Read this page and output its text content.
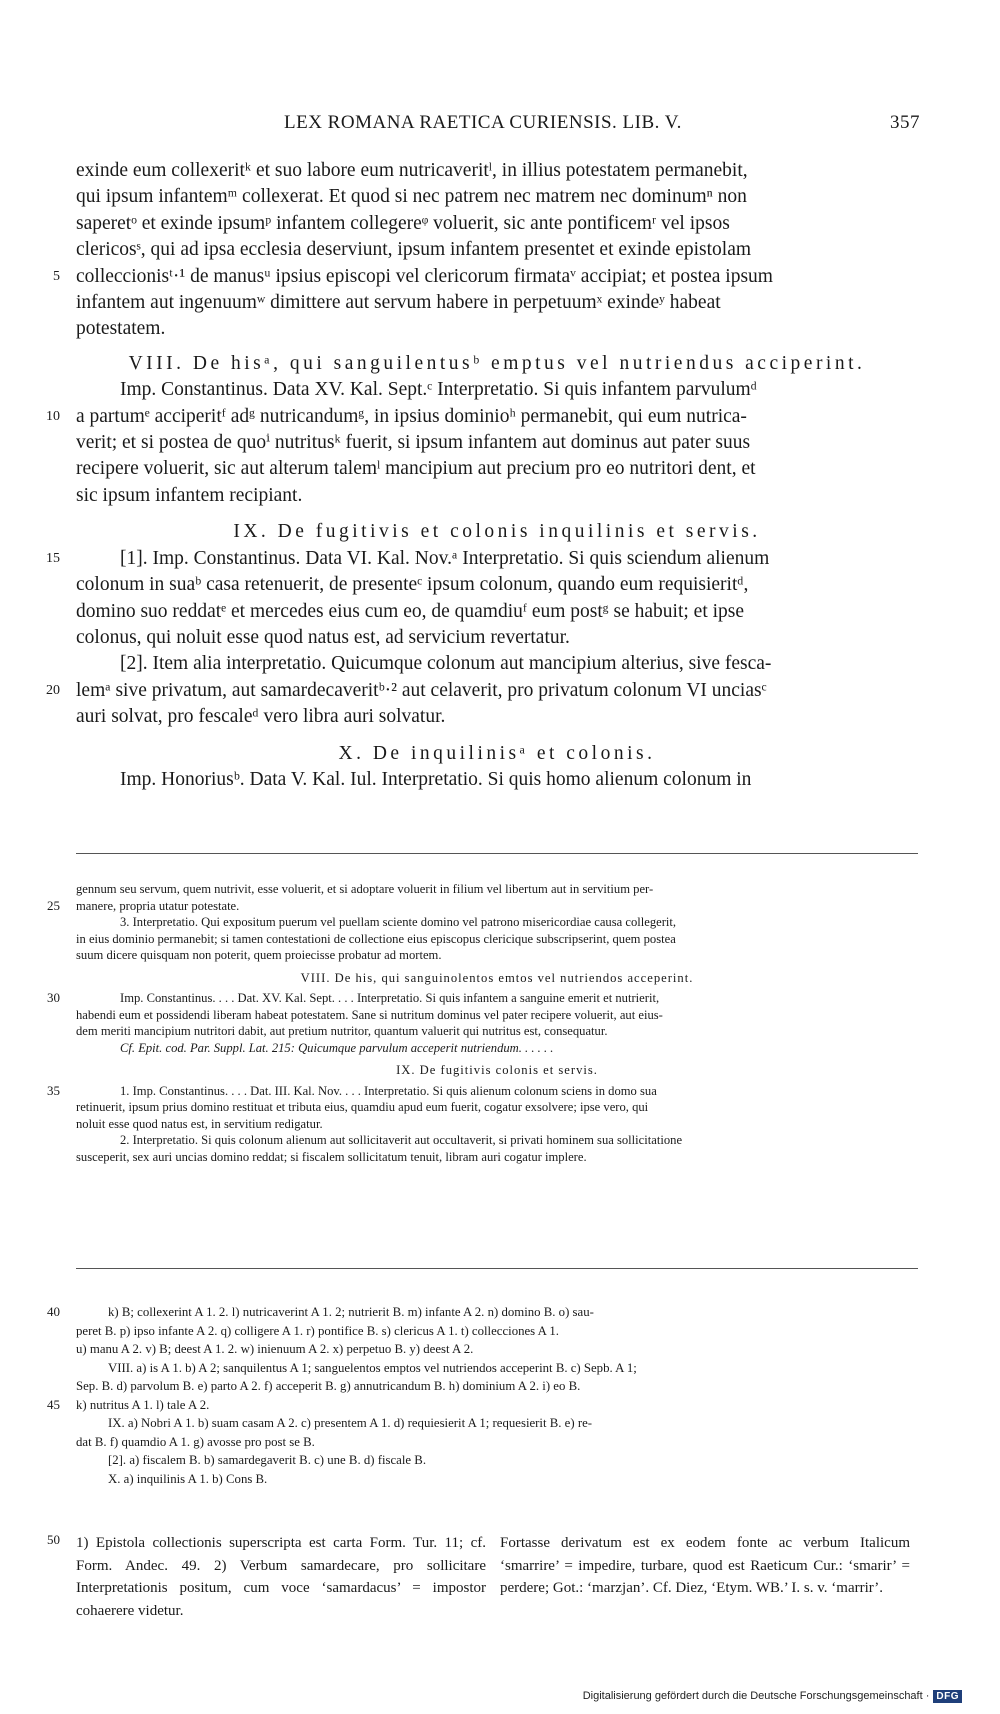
LEX ROMANA RAETICA CURIENSIS. LIB. V.	357

exinde eum collexeritᵏ et suo labore eum nutricaveritˡ, in illius potestatem permanebit,

qui ipsum infantemᵐ collexerat. Et quod si nec patrem nec matrem nec dominumⁿ non

saperetᵒ et exinde ipsumᵖ infantem collegereᵠ voluerit, sic ante pontificemʳ vel ipsos

clericosˢ, qui ad ipsa ecclesia deserviunt, ipsum infantem presentet et exinde epistolam

5 colleccionisᵗ·¹ de manusᵘ ipsius episcopi vel clericorum firmataᵛ accipiat; et postea ipsum

infantem aut ingenuumʷ dimittere aut servum habere in perpetuumˣ exindeʸ habeat

potestatem.

VIII. De hisᵃ, qui sanguilentusᵇ emptus vel nutriendus acciperint.

Imp. Constantinus. Data XV. Kal. Sept.ᶜ Interpretatio. Si quis infantem parvulumᵈ

10 a partumᵉ acciperitᶠ adᵍ nutricandumᵍ, in ipsius dominioʰ permanebit, qui eum nutrica-

verit; et si postea de quoⁱ nutritusᵏ fuerit, si ipsum infantem aut dominus aut pater suus

recipere voluerit, sic aut alterum talemˡ mancipium aut precium pro eo nutritori dent, et

sic ipsum infantem recipiant.

IX. De fugitivis et colonis inquilinis et servis.

15	[1]. Imp. Constantinus. Data VI. Kal. Nov.ᵃ Interpretatio. Si quis sciendum alienum

colonum in suaᵇ casa retenuerit, de presenteᶜ ipsum colonum, quando eum requisieritᵈ,

domino suo reddatᵉ et mercedes eius cum eo, de quamdiuᶠ eum postᵍ se habuit; et ipse

colonus, qui noluit esse quod natus est, ad servicium revertatur.

[2]. Item alia interpretatio. Quicumque colonum aut mancipium alterius, sive fesca-

20 lemᵃ sive privatum, aut samardecaveritᵇ·² aut celaverit, pro privatum colonum VI unciasᶜ

auri solvat, pro fescaleᵈ vero libra auri solvatur.

X. De inquilinisᵃ et colonis.

Imp. Honoriusᵇ. Data V. Kal. Iul. Interpretatio. Si quis homo alienum colonum in

gennum seu servum, quem nutrivit, esse voluerit, et si adoptare voluerit in filium vel libertum aut in servitium per-

25 manere, propria utatur potestate.

3. Interpretatio. Qui expositum puerum vel puellam sciente domino vel patrono misericordiae causa collegerit,

in eius dominio permanebit; si tamen contestationi de collectione eius episcopus clericique subscripserint, quem postea

suum dicere quisquam non poterit, quem proiecisse probatur ad mortem.

VIII. De his, qui sanguinolentos emtos vel nutriendos acceperint.

30	Imp. Constantinus. . . . Dat. XV. Kal. Sept. . . . Interpretatio. Si quis infantem a sanguine emerit et nutrierit,

habendi eum et possidendi liberam habeat potestatem. Sane si nutritum dominus vel pater recipere voluerit, aut eius-

dem meriti mancipium nutritori dabit, aut pretium nutritor, quantum valuerit qui nutritus est, consequatur.

Cf. Epit. cod. Par. Suppl. Lat. 215: Quicumque parvulum acceperit nutriendum. . . . . .

IX. De fugitivis colonis et servis.

35	1. Imp. Constantinus. . . . Dat. III. Kal. Nov. . . . Interpretatio. Si quis alienum colonum sciens in domo sua

retinuerit, ipsum prius domino restituat et tributa eius, quamdiu apud eum fuerit, cogatur exsolvere; ipse vero, qui

noluit esse quod natus est, in servitium redigatur.

2. Interpretatio. Si quis colonum alienum aut sollicitaverit aut occultaverit, si privati hominem sua sollicitatione

susceperit, sex auri uncias domino reddat; si fiscalem sollicitatum tenuit, libram auri cogatur implere.

40	k) B; collexerint A 1. 2. l) nutricaverint A 1. 2; nutrierit B. m) infante A 2. n) domino B. o) sau-

peret B. p) ipso infante A 2. q) colligere A 1. r) pontifice B. s) clericus A 1. t) collecciones A 1.

u) manu A 2. v) B; deest A 1. 2. w) inienuum A 2. x) perpetuo B. y) deest A 2.

VIII. a) is A 1. b) A 2; sanquilentus A 1; sanguelentos emptos vel nutriendos acceperint B. c) Sepb. A 1;

Sep. B. d) parvolum B. e) parto A 2. f) acceperit B. g) annutricandum B. h) dominium A 2. i) eo B.

45 k) nutritus A 1. l) tale A 2.

IX. a) Nobri A 1. b) suam casam A 2. c) presentem A 1. d) requiesierit A 1; requesierit B. e) re-

dat B. f) quamdio A 1. g) avosse pro post se B.

[2]. a) fiscalem B. b) samardegaverit B. c) une B. d) fiscale B.

X. a) inquilinis A 1. b) Cons B.

50 1) Epistola collectionis superscripta est carta Form. Tur. 11; cf. Form. Andec. 49. 2) Verbum samardecare, pro sollicitare Interpretationis positum, cum voce ‘samardacus’ = impostor cohaerere videtur.
Fortasse derivatum est ex eodem fonte ac verbum Italicum ‘smarrire’ = impedire, turbare, quod est Raeticum Cur.: ‘smarir’ = perdere; Got.: ‘marzjan’. Cf. Diez, ‘Etym. WB.’ I. s. v. ‘marrir’.
Digitalisierung gefördert durch die Deutsche Forschungsgemeinschaft · DFG
